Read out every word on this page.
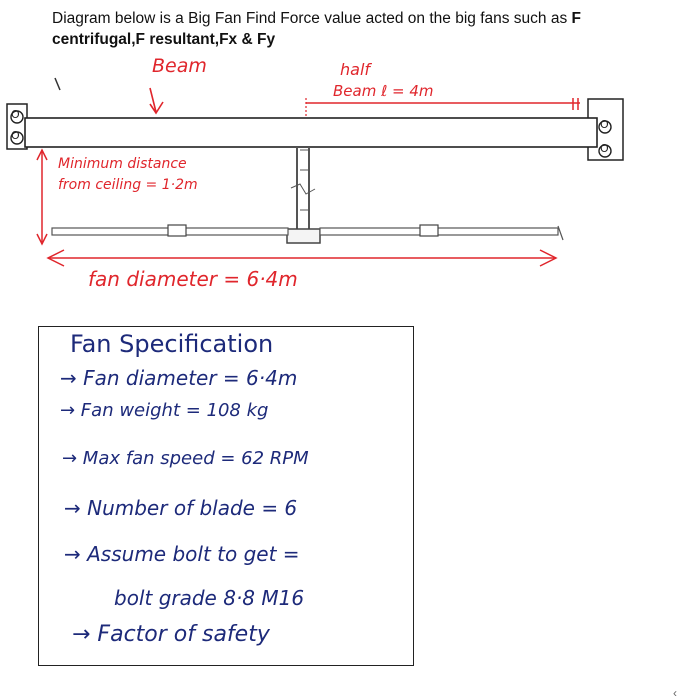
Diagram below is a Big Fan Find Force value acted on the big fans such as F centrifugal,F resultant,Fx & Fy
Beam	half
Beam ℓ = 4m
Minimum distance
from ceiling = 1·2m
fan diameter = 6·4m
O
O
O
O
Fan Specification
→ Fan diameter = 6·4m
→ Fan weight = 108 kg
→ Max fan speed = 62 RPM
→ Number of blade = 6
→ Assume bolt to get =
bolt grade 8·8 M16
→ Factor of safety
‹
